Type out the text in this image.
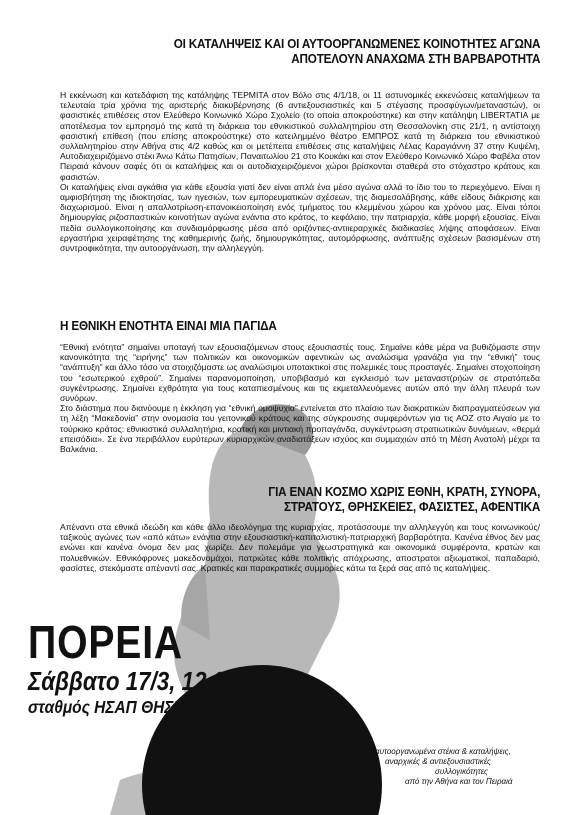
ΟΙ ΚΑΤΑΛΗΨΕΙΣ ΚΑΙ ΟΙ ΑΥΤΟΟΡΓΑΝΩΜΕΝΕΣ ΚΟΙΝΟΤΗΤΕΣ ΑΓΩΝΑ
ΑΠΟΤΕΛΟΥΝ ΑΝΑΧΩΜΑ ΣΤΗ ΒΑΡΒΑΡΟΤΗΤΑ

Η εκκένωση και κατεδάφιση της κατάληψης ΤΕΡΜΙΤΑ στον Βόλο στις 4/1/18, οι 11 αστυνομικές εκκενώσεις καταλήψεων τα τελευταία τρία χρόνια της αριστερής διακυβέρνησης (6 αντιεξουσιαστικές και 5 στέγασης προσφύγων/μεταναστών), οι φασιστικές επιθέσεις στον Ελεύθερο Κοινωνικό Χώρο Σχολείο (το οποία αποκρούστηκε) και στην κατάληψη LIBERTATIA με αποτέλεσμα τον εμπρησμό της κατά τη διάρκεια του εθνικιστικού συλλαλητηρίου στη Θεσσαλονίκη στις 21/1, η αντίστοιχη φασιστική επίθεση (που επίσης αποκρούστηκε) στο κατειλημμένο θέατρο ΕΜΠΡΟΣ κατά τη διάρκεια του εθνικιστικού συλλαλητηρίου στην Αθήνα στις 4/2 καθώς και οι μετέπειτα επιθέσεις στις καταλήψεις Λέλας Καραγιάννη 37 στην Κυψέλη, Αυτοδιαχειριζόμενο στέκι Άνω Κάτω Πατησίων, Παναιτωλίου 21 στο Κουκάκι και στον Ελεύθερο Κοινωνικό Χώρο Φαβέλα στον Πειραιά κάνουν σαφές ότι οι καταλήψεις και οι αυτοδιαχειριζόμενοι χώροι βρίσκονται σταθερά στο στόχαστρο κράτους και φασιστών.

Οι καταλήψεις είναι αγκάθια για κάθε εξουσία γιατί δεν είναι απλά ένα μέσο αγώνα αλλά το ίδιο του το περιεχόμενο. Είναι η αμφισβήτηση της ιδιοκτησίας, των ηγεσιών, των εμπορευματικών σχέσεων, της διαμεσολάβησης, κάθε είδους διάκρισης και διαχωρισμού. Είναι η απαλλοτρίωση-επανοικειοποίηση ενός τμήματος του κλεμμένου χώρου και χρόνου μας. Είναι τόποι δημιουργίας ριζοσπαστικών κοινοτήτων αγώνα ενάντια στο κράτος, το κεφάλαιο, την πατριαρχία, κάθε μορφή εξουσίας. Είναι πεδία συλλογικοποίησης και συνδιαμόρφωσης μέσα από οριζόντιες-αντιιεραρχικές διαδικασίες λήψης αποφάσεων. Είναι εργαστήρια χειραφέτησης της καθημερινής ζωής, δημιουργικότητας, αυτομόρφωσης, ανάπτυξης σχέσεων βασισμένων στη συντροφικότητα, την αυτοοργάνωση, την αλληλεγγύη.

Η ΕΘΝΙΚΗ ΕΝΟΤΗΤΑ ΕΙΝΑΙ ΜΙΑ ΠΑΓΙΔΑ

“Εθνική ενότητα” σημαίνει υποταγή των εξουσιαζόμενων στους εξουσιαστές τους. Σημαίνει κάθε μέρα να βυθιζόμαστε στην κανονικότητα της “ειρήνης” των πολιτικών και οικονομικών αφεντικών ως αναλώσιμα γρανάζια για την “εθνική” τους “ανάπτυξη” και άλλο τόσο να στοιχιζόμαστε ως αναλώσιμοι υποτακτικοί στις πολεμικές τους προσταγές. Σημαίνει στοχοποίηση του “εσωτερικού εχθρού”. Σημαίνει παρανομοποίηση, υποβιβασμό και εγκλεισμό των μεταναστ(ρι)ών σε στρατόπεδα συγκέντρωσης. Σημαίνει εχθρότητα για τους καταπιεσμένους και τις εκμεταλλευόμενες αυτών από την άλλη πλευρά των συνόρων.

Στο διάστημα που διανύουμε η έκκληση για “εθνική ομοψυχία” εντείνεται στο πλαίσιο των διακρατικών διαπραγματεύσεων για τη λέξη “Μακεδονία” στην ονομασία του γειτονικού κράτους και της σύγκρουσης συμφερόντων για τις ΑΟΖ στο Αιγαίο με το τούρκικο κράτος: εθνικιστικά συλλαλητήρια, κρατική και μιντιακή προπαγάνδα, συγκέντρωση στρατιωτικών δυνάμεων, «θερμά επεισόδια». Σε ένα περιβάλλον ευρύτερων κυριαρχικών αναδιατάξεων ισχύος και συμμαχιών από τη Μέση Ανατολή μέχρι τα Βαλκάνια.

ΓΙΑ ΕΝΑΝ ΚΟΣΜΟ ΧΩΡΙΣ ΕΘΝΗ, ΚΡΑΤΗ, ΣΥΝΟΡΑ,
ΣΤΡΑΤΟΥΣ, ΘΡΗΣΚΕΙΕΣ, ΦΑΣΙΣΤΕΣ, ΑΦΕΝΤΙΚΑ

Απέναντι στα εθνικά ιδεώδη και κάθε άλλο ιδεολόγημα της κυριαρχίας, προτάσσουμε την αλληλεγγύη και τους κοινωνικούς/ταξικούς αγώνες των «από κάτω» ενάντια στην εξουσιαστική-καπιταλιστική-πατριαρχική βαρβαρότητα. Κανένα έθνος δεν μας ενώνει και κανένα όνομα δεν μας χωρίζει. Δεν πολεμάμε για γεωστρατηγικά και οικονομικά συμφέροντα, κρατών και πολυεθνικών. Εθνικόφρονες μακεδονομάχοι, πατριώτες κάθε πολιτικής απόχρωσης, αποστρατοι αξιωματικοί, παπαδαριό, φασίστες, στεκόμαστε απέναντί σας. Κρατικές και παρακρατικές συμμορίες κάτω τα ξερά σας από τις καταλήψεις.

ΠΟΡΕΙΑ
Σάββατο 17/3, 12.00
σταθμός ΗΣΑΠ ΘΗΣΕΙΟΥ
αυτοοργανωμένα στέκια & καταλήψεις,
αναρχικές & αντιεξουσιαστικές
συλλογικότητες
από την Αθήνα και τον Πειραιά
